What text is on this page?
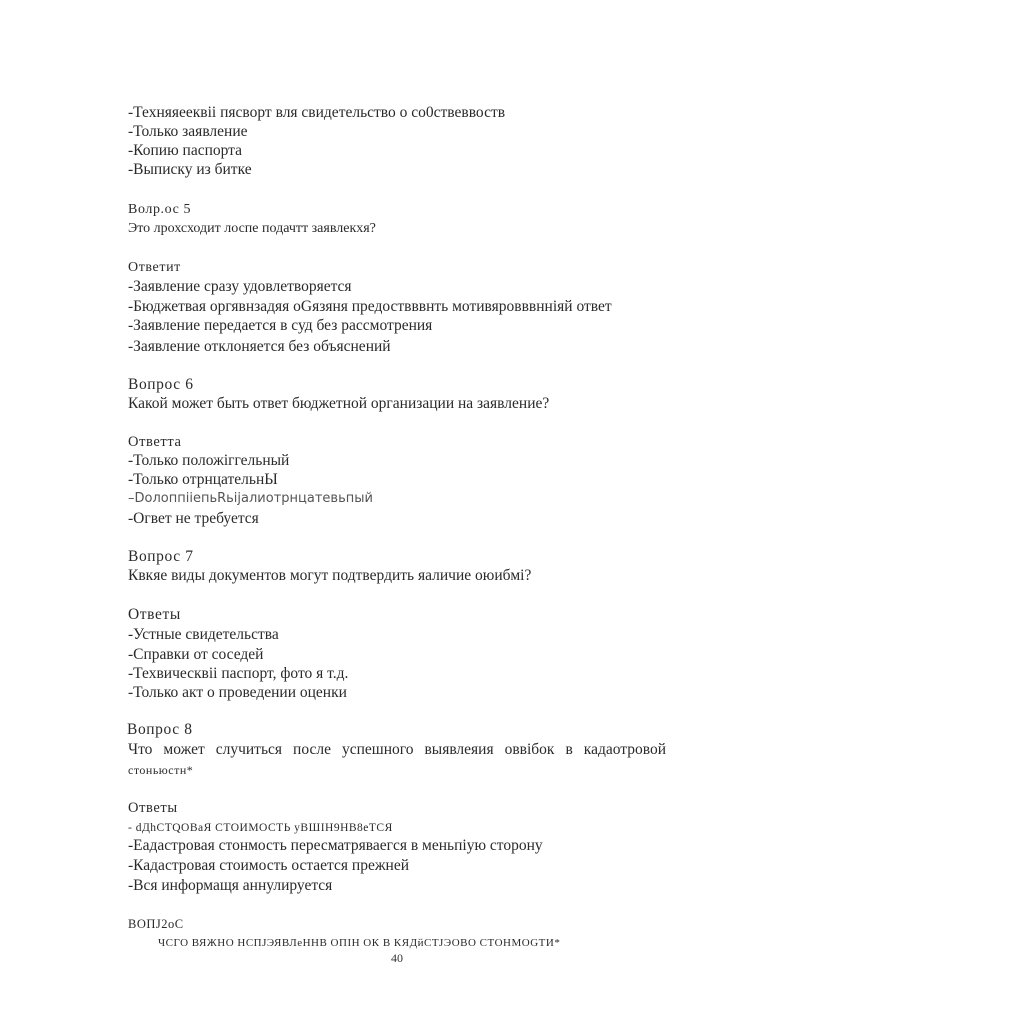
-Техняяееквіі пясворт вля свидетельство о со0ствеввоств
-Только заявление
-Копию паспорта
-Выписку из битке
Волр.ос 5
Это лрохсходит лоспе подачтт заявлекхя?
Ответит
-Заявление сразу удовлетворяется
-Бюджетвая оргявнзадяя оGязяня предоствввнть мотивяровввнніяй ответ
-Заявление передается в суд без рассмотрения
-Заявление отклоняется без объяснений
Вопрос 6
Какой может быть ответ бюджетной организации на заявление?
Ответта
-Только положіггельный
-Только отрнцательнЫ
–DoлоппііепьRьіjалиотрнцатевьпый
-Огвет не требуется
Вопрос 7
Квкяе виды документов могут подтвердить яаличие оюибмі?
Ответы
-Устные свидетельства
-Справки от соседей
-Техвическвіі паспорт, фото я т.д.
-Только акт о проведении оценки
Вопрос 8
Что может случиться после успешного выявлеяия оввібок в кадаотровой
стоньюстн*
Ответы
- dДhСТQОВаЯ СТОИМОСТЬ уВШІН9НВ8еТСЯ
-Еадастровая стонмость пересматряваегся в меньпіую сторону
-Кадастровая стоимость остается прежней
-Вся информащя аннулируется
ВОПJ2оС
ЧСГО ВЯЖНО НСПJЭЯВЛеННВ ОПІН ОК В КЯДйСТJЭОВО СТОНМОGТИ*
40
